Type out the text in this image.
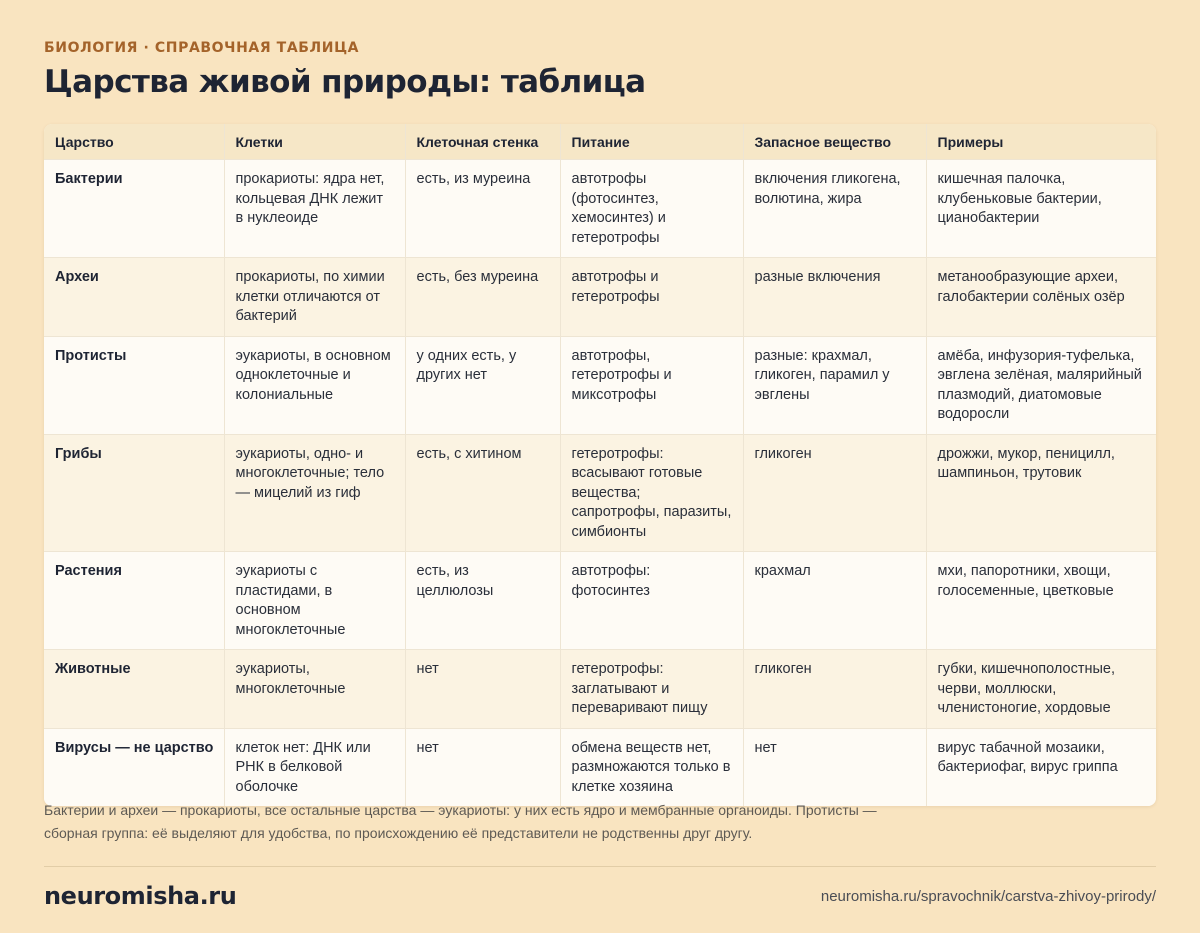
БИОЛОГИЯ · СПРАВОЧНАЯ ТАБЛИЦА
Царства живой природы: таблица
Царство	Клетки	Клеточная стенка	Питание	Запасное вещество	Примеры
Бактерии	прокариоты: ядра нет, кольцевая ДНК лежит в нуклеоиде	есть, из муреина	автотрофы (фотосинтез, хемосинтез) и гетеротрофы	включения гликогена, волютина, жира	кишечная палочка, клубеньковые бактерии, цианобактерии
Археи	прокариоты, по химии клетки отличаются от бактерий	есть, без муреина	автотрофы и гетеротрофы	разные включения	метанообразующие археи, галобактерии солёных озёр
Протисты	эукариоты, в основном одноклеточные и колониальные	у одних есть, у других нет	автотрофы, гетеротрофы и миксотрофы	разные: крахмал, гликоген, парамил у эвглены	амёба, инфузория-туфелька, эвглена зелёная, малярийный плазмодий, диатомовые водоросли
Грибы	эукариоты, одно- и многоклеточные; тело — мицелий из гиф	есть, с хитином	гетеротрофы: всасывают готовые вещества; сапротрофы, паразиты, симбионты	гликоген	дрожжи, мукор, пеницилл, шампиньон, трутовик
Растения	эукариоты с пластидами, в основном многоклеточные	есть, из целлюлозы	автотрофы: фотосинтез	крахмал	мхи, папоротники, хвощи, голосеменные, цветковые
Животные	эукариоты, многоклеточные	нет	гетеротрофы: заглатывают и переваривают пищу	гликоген	губки, кишечнополостные, черви, моллюски, членистоногие, хордовые
Вирусы — не царство	клеток нет: ДНК или РНК в белковой оболочке	нет	обмена веществ нет, размножаются только в клетке хозяина	нет	вирус табачной мозаики, бактериофаг, вирус гриппа

Бактерии и археи — прокариоты, все остальные царства — эукариоты: у них есть ядро и мембранные органоиды. Протисты — сборная группа: её выделяют для удобства, по происхождению её представители не родственны друг другу.

neuromisha.ru	neuromisha.ru/spravochnik/carstva-zhivoy-prirody/
